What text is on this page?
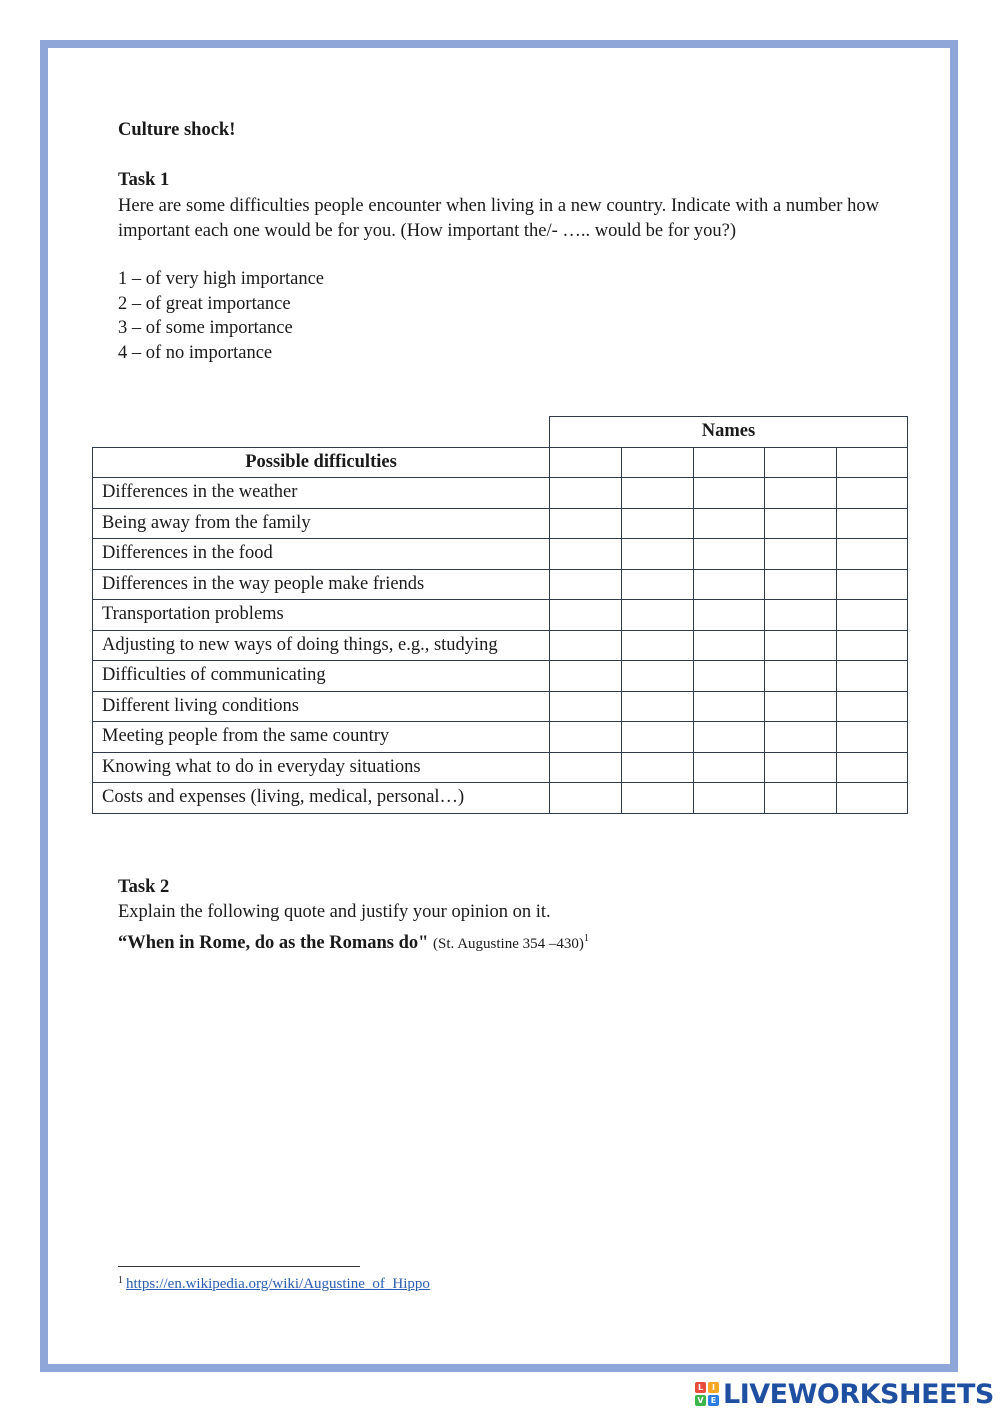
Culture shock!
Task 1
Here are some difficulties people encounter when living in a new country. Indicate with a number how important each one would be for you. (How important the/- ….. would be for you?)
1 – of very high importance
2 – of great importance
3 – of some importance
4 – of no importance
	Names				
Possible difficulties					
Differences in the weather					
Being away from the family					
Differences in the food					
Differences in the way people make friends					
Transportation problems					
Adjusting to new ways of doing things, e.g., studying					
Difficulties of communicating					
Different living conditions					
Meeting people from the same country					
Knowing what to do in everyday situations					
Costs and expenses (living, medical, personal…)					
Task 2
Explain the following quote and justify your opinion on it.
“When in Rome, do as the Romans do" (St. Augustine 354 –430)$^1$
$^1$ https://en.wikipedia.org/wiki/Augustine_of_Hippo
L	I
V E LIVEWORKSHEETS
